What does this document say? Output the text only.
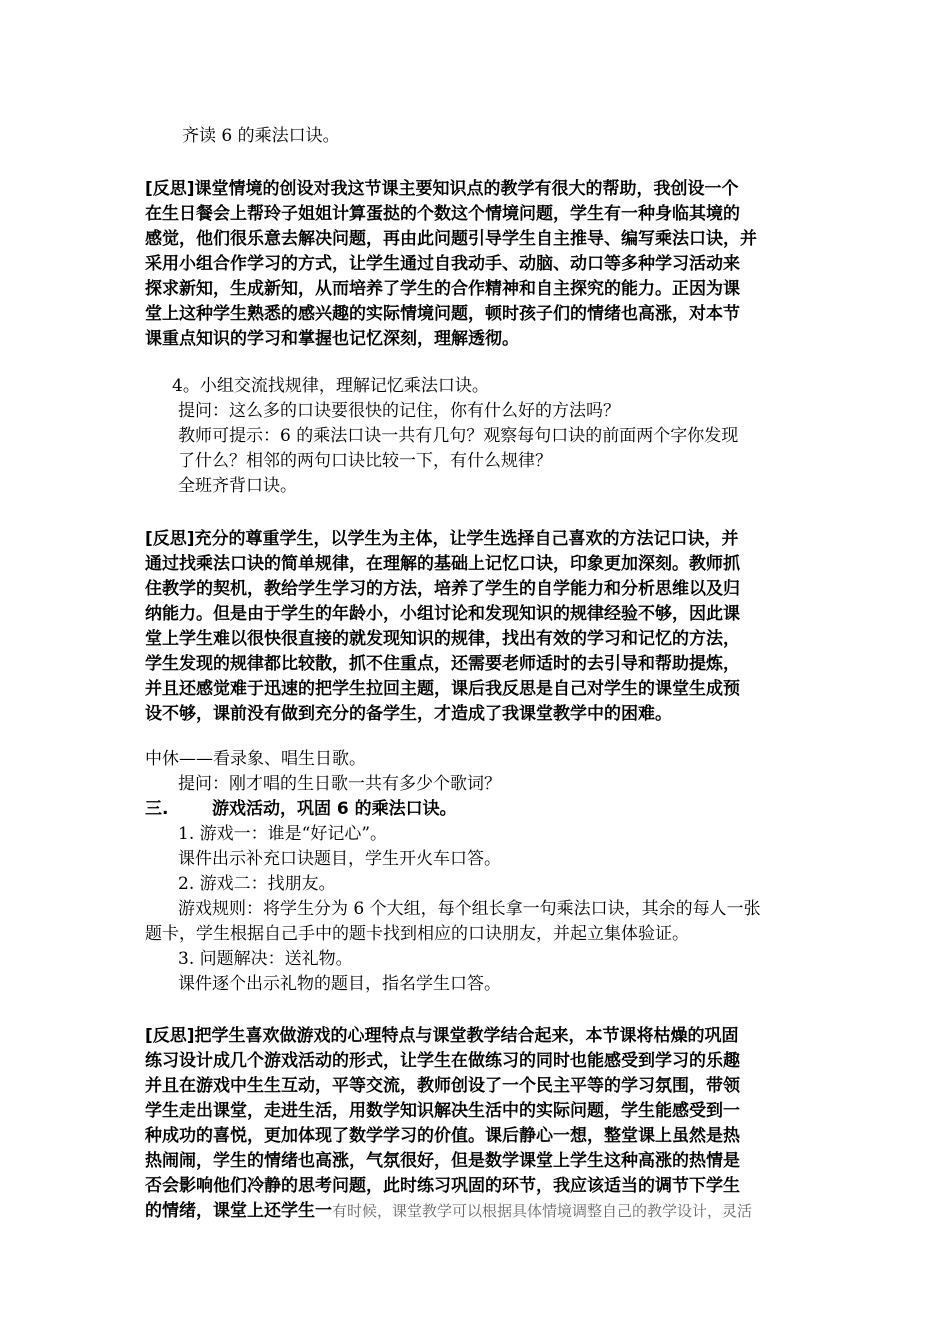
齐读 6 的乘法口诀。
[反思]课堂情境的创设对我这节课主要知识点的教学有很大的帮助，我创设一个
在生日餐会上帮玲子姐姐计算蛋挞的个数这个情境问题，学生有一种身临其境的
感觉，他们很乐意去解决问题，再由此问题引导学生自主推导、编写乘法口诀，并
采用小组合作学习的方式，让学生通过自我动手、动脑、动口等多种学习活动来
探求新知，生成新知，从而培养了学生的合作精神和自主探究的能力。正因为课
堂上这种学生熟悉的感兴趣的实际情境问题，顿时孩子们的情绪也高涨，对本节
课重点知识的学习和掌握也记忆深刻，理解透彻。
4。小组交流找规律，理解记忆乘法口诀。
提问：这么多的口诀要很快的记住，你有什么好的方法吗？
教师可提示：6 的乘法口诀一共有几句？观察每句口诀的前面两个字你发现
了什么？相邻的两句口诀比较一下，有什么规律？
全班齐背口诀。
[反思]充分的尊重学生，以学生为主体，让学生选择自己喜欢的方法记口诀，并
通过找乘法口诀的简单规律，在理解的基础上记忆口诀，印象更加深刻。教师抓
住教学的契机，教给学生学习的方法，培养了学生的自学能力和分析思维以及归
纳能力。但是由于学生的年龄小，小组讨论和发现知识的规律经验不够，因此课
堂上学生难以很快很直接的就发现知识的规律，找出有效的学习和记忆的方法，
学生发现的规律都比较散，抓不住重点，还需要老师适时的去引导和帮助提炼，
并且还感觉难于迅速的把学生拉回主题，课后我反思是自己对学生的课堂生成预
设不够，课前没有做到充分的备学生，才造成了我课堂教学中的困难。
中休——看录象、唱生日歌。
提问：刚才唱的生日歌一共有多少个歌词？
三.	游戏活动，巩固 6 的乘法口诀。
1. 游戏一：谁是“好记心”。
课件出示补充口诀题目，学生开火车口答。
2. 游戏二：找朋友。
游戏规则：将学生分为 6 个大组，每个组长拿一句乘法口诀，其余的每人一张
题卡，学生根据自己手中的题卡找到相应的口诀朋友，并起立集体验证。
3. 问题解决：送礼物。
课件逐个出示礼物的题目，指名学生口答。
[反思]把学生喜欢做游戏的心理特点与课堂教学结合起来，本节课将枯燥的巩固
练习设计成几个游戏活动的形式，让学生在做练习的同时也能感受到学习的乐趣
并且在游戏中生生互动，平等交流，教师创设了一个民主平等的学习氛围，带领
学生走出课堂，走进生活，用数学知识解决生活中的实际问题，学生能感受到一
种成功的喜悦，更加体现了数学学习的价值。课后静心一想，整堂课上虽然是热
热闹闹，学生的情绪也高涨，气氛很好，但是数学课堂上学生这种高涨的热情是
否会影响他们冷静的思考问题，此时练习巩固的环节，我应该适当的调节下学生
的情绪，课堂上还学生一有时候，课堂教学可以根据具体情境调整自己的教学设计，灵活
